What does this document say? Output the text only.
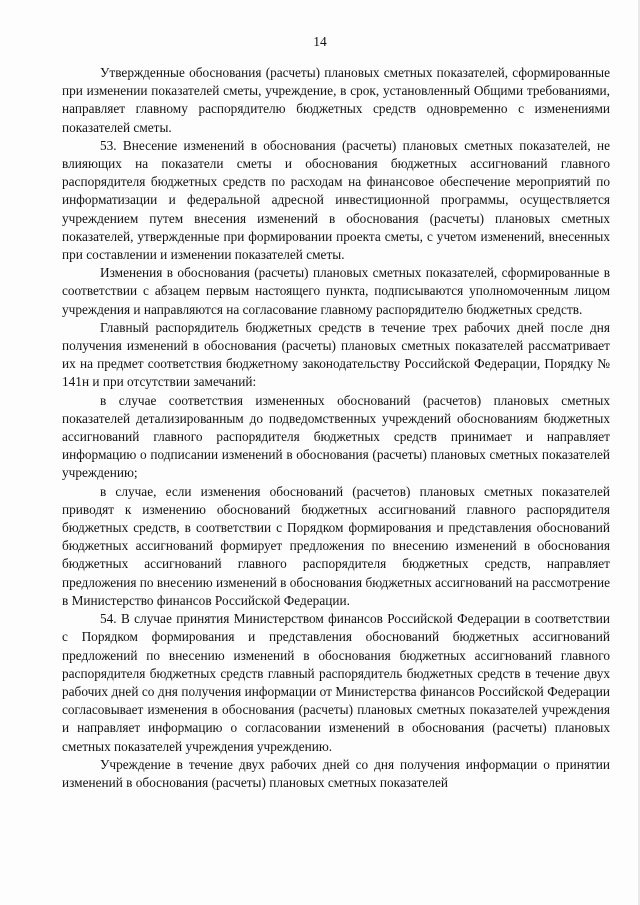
14

Утвержденные обоснования (расчеты) плановых сметных показателей, сформированные при изменении показателей сметы, учреждение, в срок, установленный Общими требованиями, направляет главному распорядителю бюджетных средств одновременно с изменениями показателей сметы.

53. Внесение изменений в обоснования (расчеты) плановых сметных показателей, не влияющих на показатели сметы и обоснования бюджетных ассигнований главного распорядителя бюджетных средств по расходам на финансовое обеспечение мероприятий по информатизации и федеральной адресной инвестиционной программы, осуществляется учреждением путем внесения изменений в обоснования (расчеты) плановых сметных показателей, утвержденные при формировании проекта сметы, с учетом изменений, внесенных при составлении и изменении показателей сметы.

Изменения в обоснования (расчеты) плановых сметных показателей, сформированные в соответствии с абзацем первым настоящего пункта, подписываются уполномоченным лицом учреждения и направляются на согласование главному распорядителю бюджетных средств.

Главный распорядитель бюджетных средств в течение трех рабочих дней после дня получения изменений в обоснования (расчеты) плановых сметных показателей рассматривает их на предмет соответствия бюджетному законодательству Российской Федерации, Порядку № 141н и при отсутствии замечаний:

в случае соответствия измененных обоснований (расчетов) плановых сметных показателей детализированным до подведомственных учреждений обоснованиям бюджетных ассигнований главного распорядителя бюджетных средств принимает и направляет информацию о подписании изменений в обоснования (расчеты) плановых сметных показателей учреждению;

в случае, если изменения обоснований (расчетов) плановых сметных показателей приводят к изменению обоснований бюджетных ассигнований главного распорядителя бюджетных средств, в соответствии с Порядком формирования и представления обоснований бюджетных ассигнований формирует предложения по внесению изменений в обоснования бюджетных ассигнований главного распорядителя бюджетных средств, направляет предложения по внесению изменений в обоснования бюджетных ассигнований на рассмотрение в Министерство финансов Российской Федерации.

54. В случае принятия Министерством финансов Российской Федерации в соответствии с Порядком формирования и представления обоснований бюджетных ассигнований предложений по внесению изменений в обоснования бюджетных ассигнований главного распорядителя бюджетных средств главный распорядитель бюджетных средств в течение двух рабочих дней со дня получения информации от Министерства финансов Российской Федерации согласовывает изменения в обоснования (расчеты) плановых сметных показателей учреждения и направляет информацию о согласовании изменений в обоснования (расчеты) плановых сметных показателей учреждения учреждению.

Учреждение в течение двух рабочих дней со дня получения информации о принятии изменений в обоснования (расчеты) плановых сметных показателей
